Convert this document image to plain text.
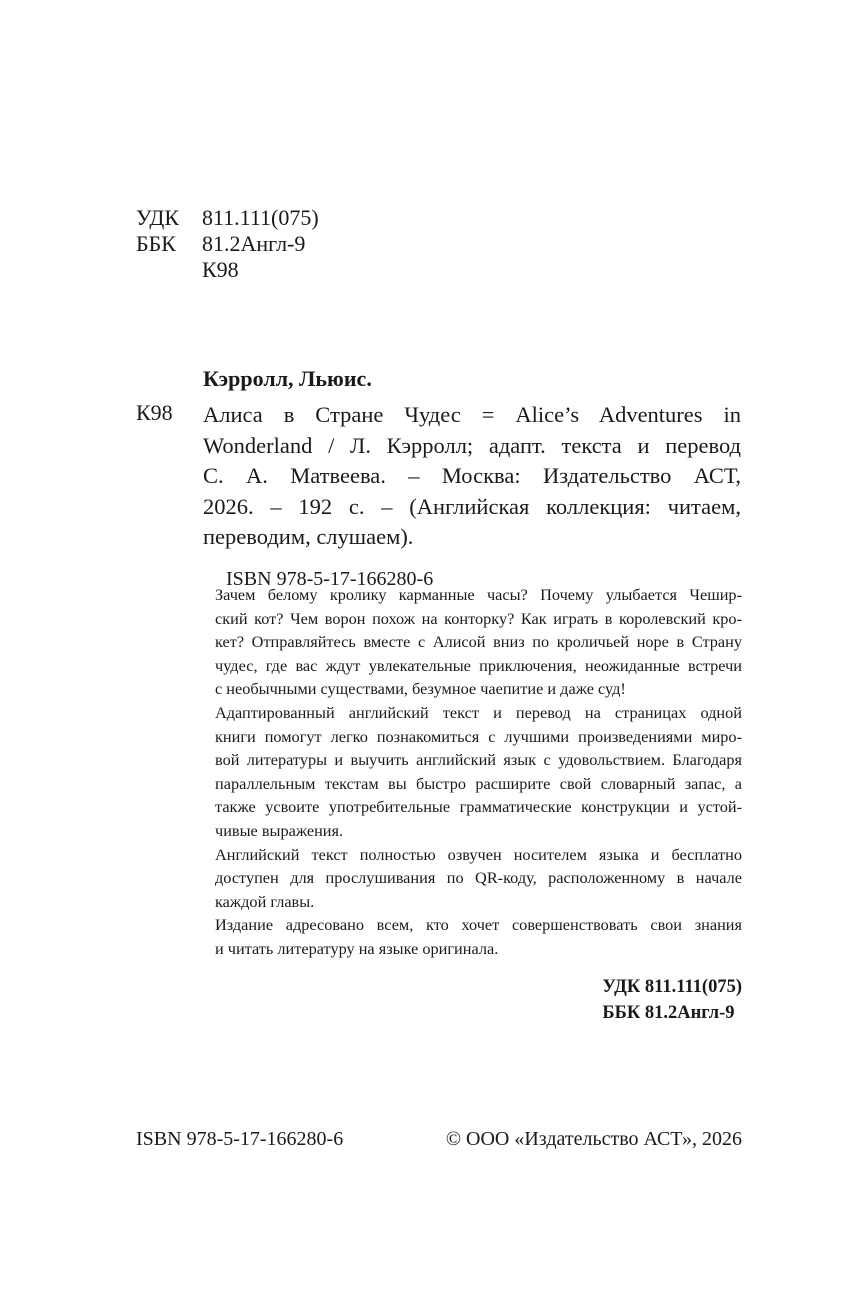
УДК 811.111(075)
ББК 81.2Англ-9
К98
Кэрролл, Льюис.
К98 Алиса в Стране Чудес = Alice’s Adventures in
Wonderland / Л. Кэрролл; адапт. текста и перевод
С. А. Матвеева. – Москва: Издательство АСТ,
2026. – 192 с. – (Английская коллекция: читаем,
переводим, слушаем).
ISBN 978-5-17-166280-6
Зачем белому кролику карманные часы? Почему улыбается Чешир-
ский кот? Чем ворон похож на конторку? Как играть в королевский кро-
кет? Отправляйтесь вместе с Алисой вниз по кроличьей норе в Страну
чудес, где вас ждут увлекательные приключения, неожиданные встречи
с необычными существами, безумное чаепитие и даже суд!
Адаптированный английский текст и перевод на страницах одной
книги помогут легко познакомиться с лучшими произведениями миро-
вой литературы и выучить английский язык с удовольствием. Благодаря
параллельным текстам вы быстро расширите свой словарный запас, а
также усвоите употребительные грамматические конструкции и устой-
чивые выражения.
Английский текст полностью озвучен носителем языка и бесплатно
доступен для прослушивания по QR-коду, расположенному в начале
каждой главы.
Издание адресовано всем, кто хочет совершенствовать свои знания
и читать литературу на языке оригинала.
УДК 811.111(075)
ББК 81.2Англ-9
ISBN 978-5-17-166280-6	© ООО «Издательство АСТ», 2026
